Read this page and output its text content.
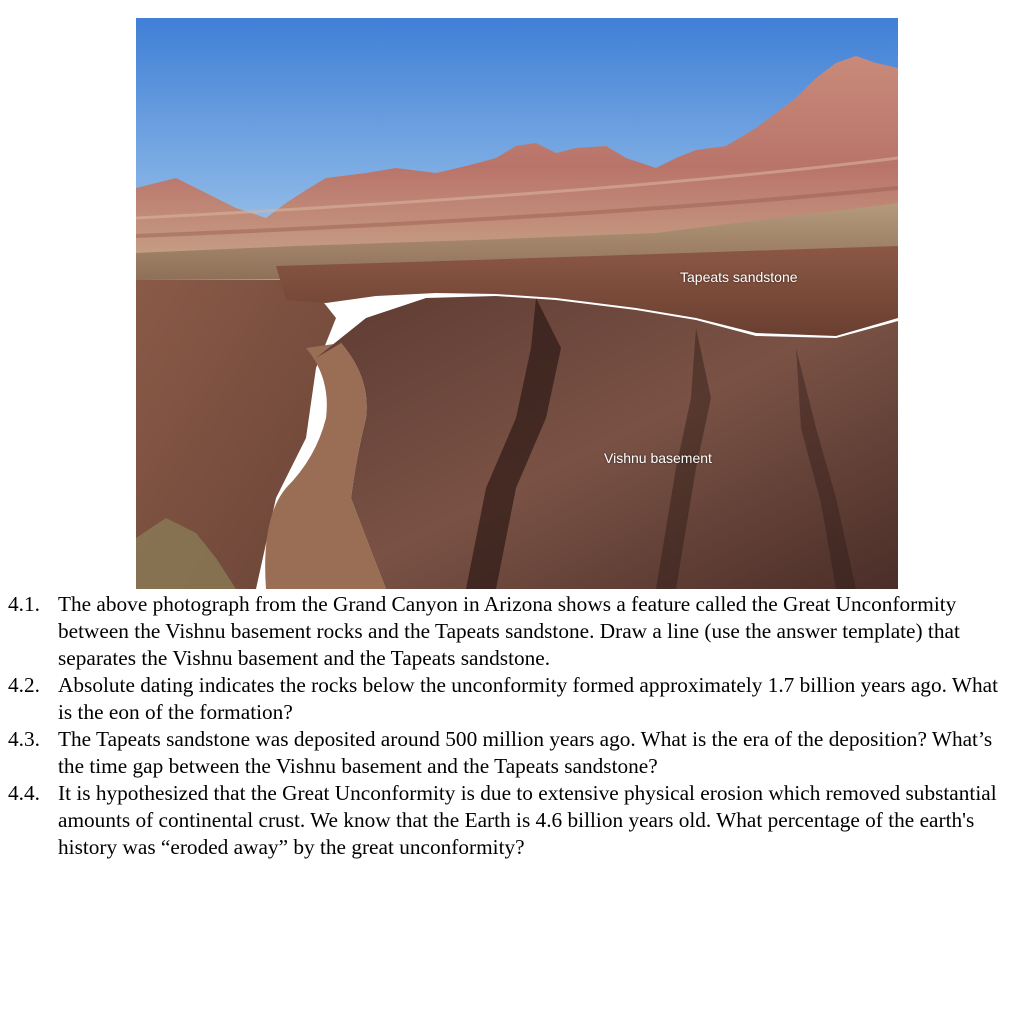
Tapeats sandstone
Vishnu basement
4.1. The above photograph from the Grand Canyon in Arizona shows a feature called the Great Unconformity between the Vishnu basement rocks and the Tapeats sandstone. Draw a line (use the answer template) that separates the Vishnu basement and the Tapeats sandstone.
4.2. Absolute dating indicates the rocks below the unconformity formed approximately 1.7 billion years ago. What is the eon of the formation?
4.3. The Tapeats sandstone was deposited around 500 million years ago. What is the era of the deposition? What’s the time gap between the Vishnu basement and the Tapeats sandstone?
4.4. It is hypothesized that the Great Unconformity is due to extensive physical erosion which removed substantial amounts of continental crust. We know that the Earth is 4.6 billion years old. What percentage of the earth's history was “eroded away” by the great unconformity?
